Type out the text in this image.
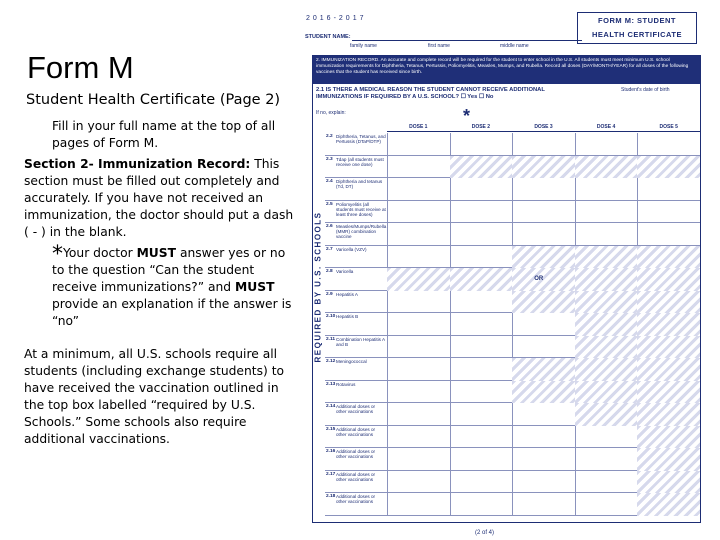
Form M
Student Health Certificate (Page 2)
Fill in your full name at the top of all pages of Form M.
Section 2- Immunization Record: This section must be filled out completely and accurately. If you have not received an immunization, the doctor should put a dash ( - ) in the blank.
*Your doctor MUST answer yes or no to the question “Can the student receive immunizations?” and MUST provide an explanation if the answer is “no”
At a minimum, all U.S. schools require all students (including exchange students) to have received the vaccination outlined in the top box labelled “required by U.S. Schools.” Some schools also require additional vaccinations.
2016-2017
STUDENT NAME:
family name	first name	middle name
FORM M: STUDENT
HEALTH CERTIFICATE
2. IMMUNIZATION RECORD. An accurate and complete record will be required for the student to enter school in the U.S. All students must meet minimum U.S. school immunization requirements for Diphtheria, Tetanus, Pertussis, Poliomyelitis, Measles, Mumps, and Rubella. Record all doses (DAY/MONTH/YEAR) for all doses of the following vaccines that the student has received since birth.
2.1 IS THERE A MEDICAL REASON THE STUDENT CANNOT RECEIVE ADDITIONAL IMMUNIZATIONS IF REQUIRED BY A U.S. SCHOOL? ☐ Yes ☐ No
Student's date of birth
*
If no, explain:
REQUIRED BY U.S. SCHOOLS
DOSE 1	DOSE 2	DOSE 3	DOSE 4	DOSE 5
2.2 Diphtheria, Tetanus, and Pertussis (DTaP/DTP)
2.3 Tdap (all students must receive one dose)
2.4 Diphtheria and tetanus (Td, DT)
2.5 Poliomyelitis (all students must receive at least three doses)
2.6 Measles/Mumps/Rubella (MMR) combination vaccine
2.7 Varicella (VZV)
2.8 Varicella
OR
2.9 Hepatitis A
2.10 Hepatitis B
2.11 Combination Hepatitis A and B
2.12 Meningococcal
2.13 Rotavirus
2.14 Additional doses or other vaccinations
2.15 Additional doses or other vaccinations
2.16 Additional doses or other vaccinations
2.17 Additional doses or other vaccinations
2.18 Additional doses or other vaccinations
(2 of 4)
